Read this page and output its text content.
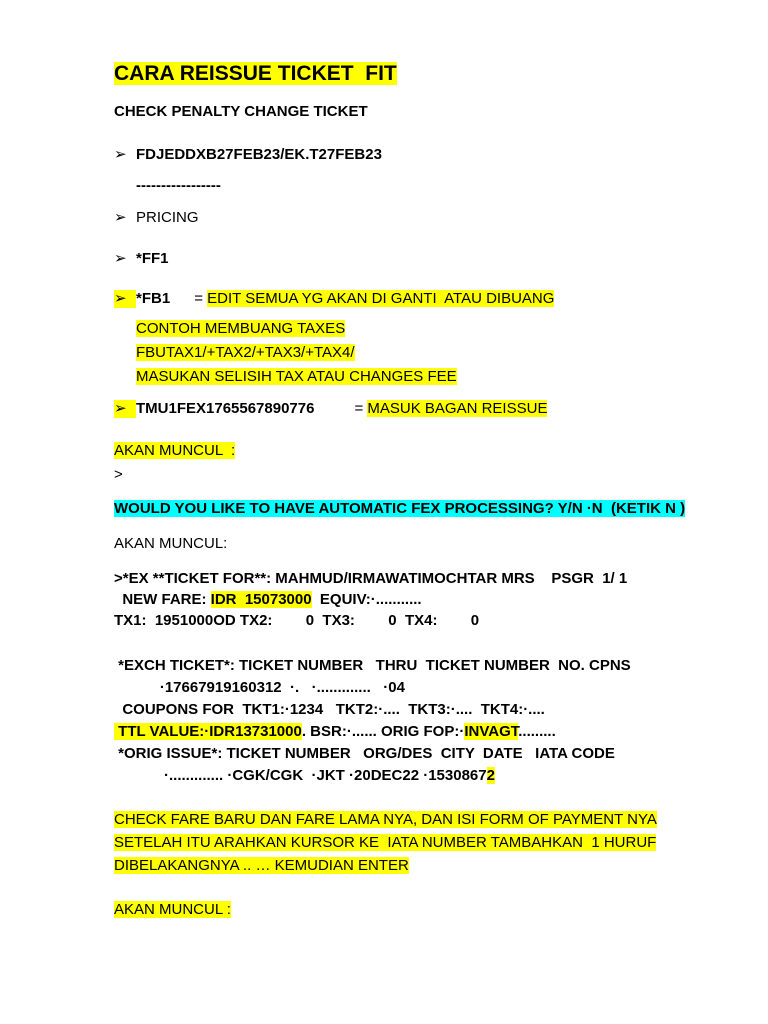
CARA REISSUE TICKET  FIT
CHECK PENALTY CHANGE TICKET
➢ FDJEDDXB27FEB23/EK.T27FEB23
-----------------
➢ PRICING
➢ *FF1
➢ *FB1 = EDIT SEMUA YG AKAN DI GANTI  ATAU DIBUANG
CONTOH MEMBUANG TAXES
FBUTAX1/+TAX2/+TAX3/+TAX4/
MASUKAN SELISIH TAX ATAU CHANGES FEE
➢ TMU1FEX1765567890776	= MASUK BAGAN REISSUE
AKAN MUNCUL  :
>
WOULD YOU LIKE TO HAVE AUTOMATIC FEX PROCESSING? Y/N ·N  (KETIK N )
AKAN MUNCUL:
>*EX **TICKET FOR**: MAHMUD/IRMAWATIMOCHTAR MRS    PSGR  1/ 1
NEW FARE: IDR  15073000  EQUIV:·...........
TX1:  1951000OD TX2:        0  TX3:        0  TX4:        0
*EXCH TICKET*: TICKET NUMBER   THRU  TICKET NUMBER  NO. CPNS
·17667919160312  ·.   ·.............   ·04
COUPONS FOR  TKT1:·1234   TKT2:·....  TKT3:·....  TKT4:·....
TTL VALUE:·IDR13731000. BSR:·...... ORIG FOP:·INVAGT.........
*ORIG ISSUE*: TICKET NUMBER   ORG/DES  CITY  DATE   IATA CODE
·............. ·CGK/CGK  ·JKT ·20DEC22 ·15308672
CHECK FARE BARU DAN FARE LAMA NYA, DAN ISI FORM OF PAYMENT NYA
SETELAH ITU ARAHKAN KURSOR KE  IATA NUMBER TAMBAHKAN  1 HURUF
DIBELAKANGNYA .. … KEMUDIAN ENTER
AKAN MUNCUL :
